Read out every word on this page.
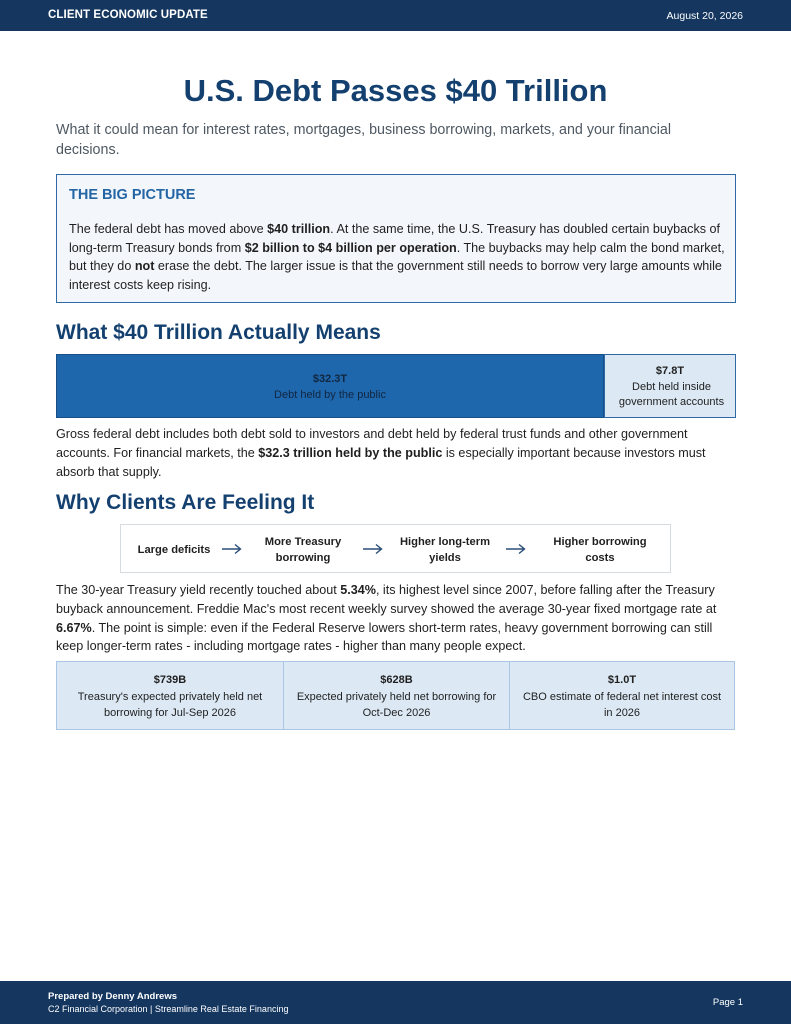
CLIENT ECONOMIC UPDATE	August 20, 2026
U.S. Debt Passes $40 Trillion

What it could mean for interest rates, mortgages, business borrowing, markets, and your financial decisions.

THE BIG PICTURE

The federal debt has moved above $40 trillion. At the same time, the U.S. Treasury has doubled certain buybacks of long-term Treasury bonds from $2 billion to $4 billion per operation. The buybacks may help calm the bond market, but they do not erase the debt. The larger issue is that the government still needs to borrow very large amounts while interest costs keep rising.

What $40 Trillion Actually Means
$32.3T
Debt held by the public
$7.8T
Debt held inside government accounts

Gross federal debt includes both debt sold to investors and debt held by federal trust funds and other government accounts. For financial markets, the $32.3 trillion held by the public is especially important because investors must absorb that supply.

Why Clients Are Feeling It
Large deficits
More Treasury borrowing
Higher long-term yields
Higher borrowing costs

The 30-year Treasury yield recently touched about 5.34%, its highest level since 2007, before falling after the Treasury buyback announcement. Freddie Mac's most recent weekly survey showed the average 30-year fixed mortgage rate at 6.67%. The point is simple: even if the Federal Reserve lowers short-term rates, heavy government borrowing can still keep longer-term rates - including mortgage rates - higher than many people expect.

$739B
Treasury's expected privately held net borrowing for Jul-Sep 2026
$628B
Expected privately held net borrowing for Oct-Dec 2026
$1.0T
CBO estimate of federal net interest cost in 2026
Prepared by Denny Andrews
C2 Financial Corporation | Streamline Real Estate Financing
Page 1
